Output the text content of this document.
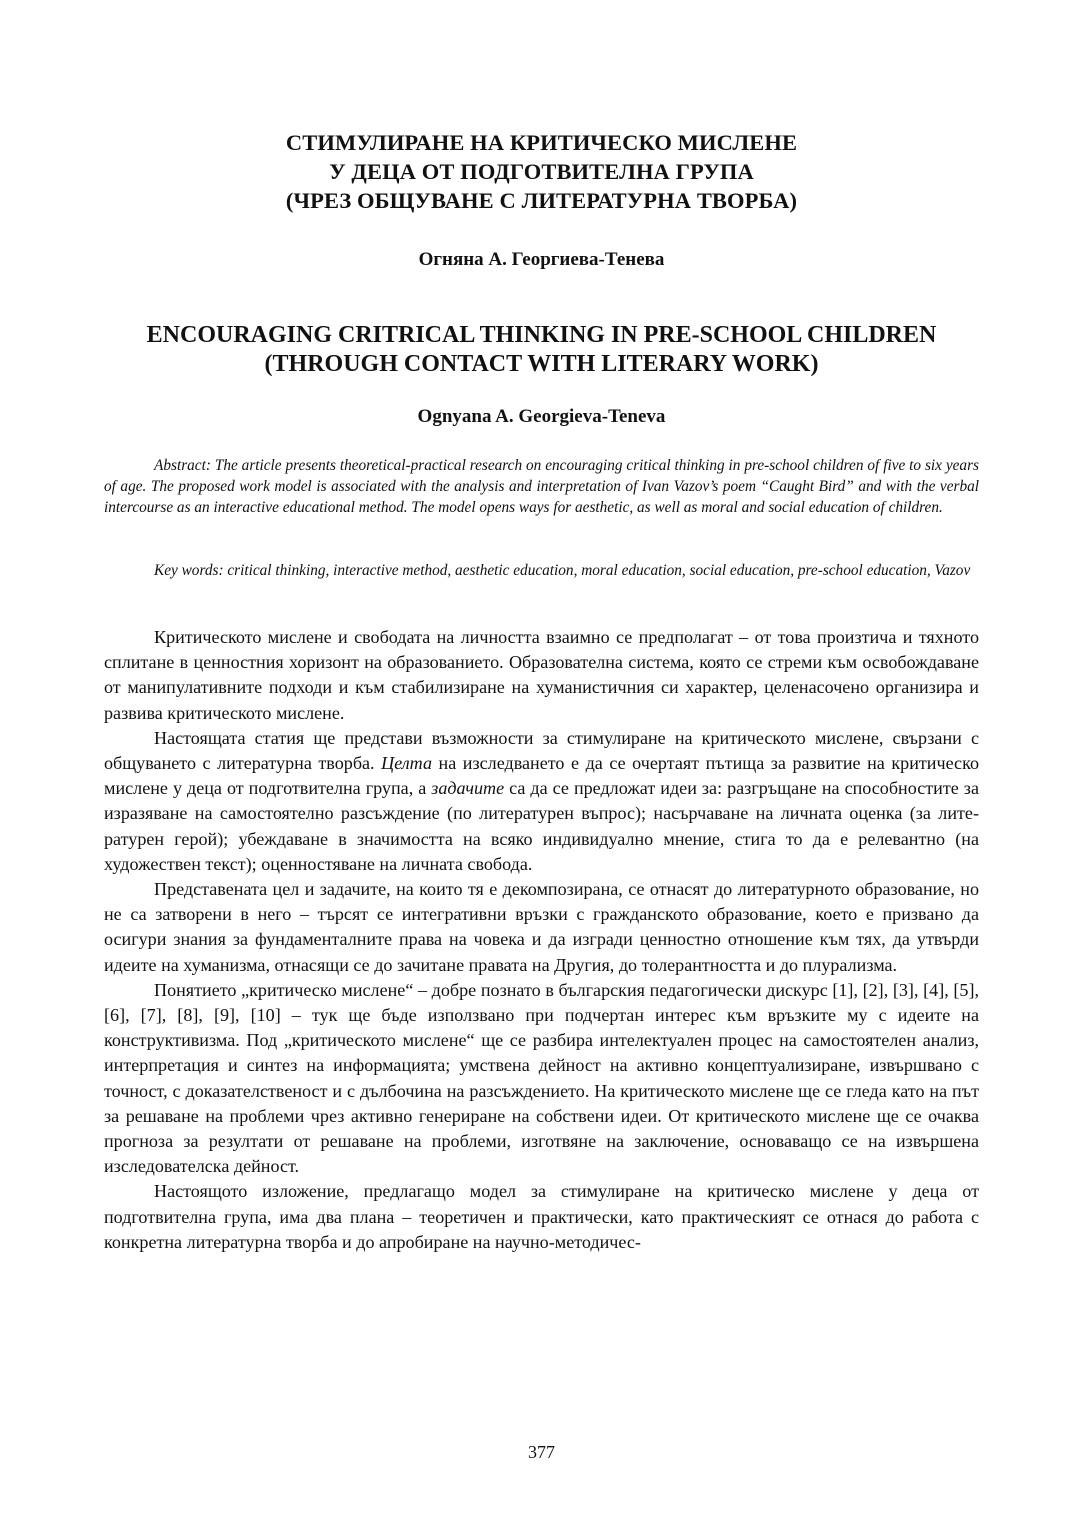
СТИМУЛИРАНЕ НА КРИТИЧЕСКО МИСЛЕНЕ
У ДЕЦА ОТ ПОДГОТВИТЕЛНА ГРУПА
(ЧРЕЗ ОБЩУВАНЕ С ЛИТЕРАТУРНА ТВОРБА)
Огняна А. Георгиева-Тенева
ENCOURAGING CRITRICAL THINKING IN PRE-SCHOOL CHILDREN
(THROUGH CONTACT WITH LITERARY WORK)
Ognyana A. Georgieva-Teneva
Abstract: The article presents theoretical-practical research on encouraging critical thinking in pre-school children of five to six years of age. The proposed work model is associated with the analysis and interpretation of Ivan Vazov’s poem “Caught Bird” and with the verbal intercourse as an interactive educational method. The model opens ways for aesthetic, as well as moral and social education of children.
Key words: critical thinking, interactive method, aesthetic education, moral education, social education, pre-school education, Vazov

Критическото мислене и свободата на личността взаимно се предполагат – от това произтича и тяхното сплитане в ценностния хоризонт на образованието. Образователна система, която се стреми към освобождаване от манипулативните подходи и към стабилизиране на хуманистичния си характер, целенасочено организира и развива критическото мислене.

Настоящата статия ще представи възможности за стимулиране на критическото мислене, свързани с общуването с литературна творба. Целта на изследването е да се очертаят пътища за развитие на критическо мислене у деца от подготвителна група, а задачите са да се предложат идеи за: разгръщане на способностите за изразяване на самостоятелно разсъждение (по литературен въпрос); насърчаване на личната оценка (за литературен герой); убеждаване в значимостта на всяко индивидуално мнение, стига то да е релевантно (на художествен текст); оценностяване на личната свобода.

Представената цел и задачите, на които тя е декомпозирана, се отнасят до литературното образование, но не са затворени в него – търсят се интегративни връзки с гражданското образование, което е призвано да осигури знания за фундаменталните права на човека и да изгради ценностно отношение към тях, да утвърди идеите на хуманизма, отнасящи се до зачитане правата на Другия, до толерантността и до плурализма.

Понятието „критическо мислене“ – добре познато в българския педагогически дискурс [1], [2], [3], [4], [5], [6], [7], [8], [9], [10] – тук ще бъде използвано при подчертан интерес към връзките му с идеите на конструктивизма. Под „критическото мислене“ ще се разбира интелектуален процес на самостоятелен анализ, интерпретация и синтез на информацията; умствена дейност на активно концептуализиране, извършвано с точност, с доказателственост и с дълбочина на разсъждението. На критическото мислене ще се гледа като на път за решаване на проблеми чрез активно генериране на собствени идеи. От критическото мислене ще се очаква прогноза за резултати от решаване на проблеми, изготвяне на заключение, основаващо се на извършена изследователска дейност.

Настоящото изложение, предлагащо модел за стимулиране на критическо мислене у деца от подготвителна група, има два плана – теоретичен и практически, като практическият се отнася до работа с конкретна литературна творба и до апробиране на научно-методичес-

377
